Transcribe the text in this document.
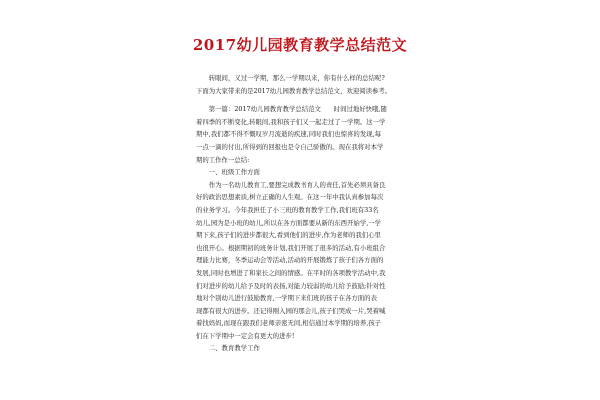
2017幼儿园教育教学总结范文
　　转眼间，又过一学期，那么一学期以来，你有什么样的总结呢?
下面为大家带来的是2017幼儿园教育教学总结范文，欢迎阅读参考。
　　第一篇：2017幼儿园教育教学总结范文　　时间过地好快哦,随
着四季的不断变化,转眼间,我和孩子们又一起走过了一学期。这一学
期中,我们都不得不慨叹岁月流逝的疾速,同时我们也惊喜的发现,每
一点一滴的付出,所得到的回报也是令自己骄傲的。现在我将对本学
期的工作作一总结:
　　一、班级工作方面
　　作为一名幼儿教育工,要想完成教书育人的责任,首先必须具备良
好的政治思想素质,树立正确的人生观。在这一年中我认真参加每次
的业务学习。今年我担任了小三班的教育教学工作,我们班有33名
幼儿,园为是小班的幼儿,所以在各方面都要从新的东西开始学,一学
期下来,孩子们的进步都很大,看到他们的进步,作为老师的我们心里
也很开心。根据期初的班务计划,我们开展了很多的活动,有小班组合
理能力比赛，冬季运动会等活动,活动的开展锻炼了孩子们各方面的
发展,同时也增进了和家长之间的情感。在平时的各项教学活动中,我
们对进步的幼儿给予及时的表扬,对能力较弱的幼儿给予鼓励;针对性
地对个别幼儿进行鼓励教育,一学期下来们班的孩子在各方面的表
现都有很大的进步。还记得刚入园的那会儿,孩子们哭成一片,哭着喊
着找妈妈,而现在跟我们老师亲密无间,相信通过本学期的培养,孩子
们在下学期中一定会有更大的进步!
　　二、教育教学工作
